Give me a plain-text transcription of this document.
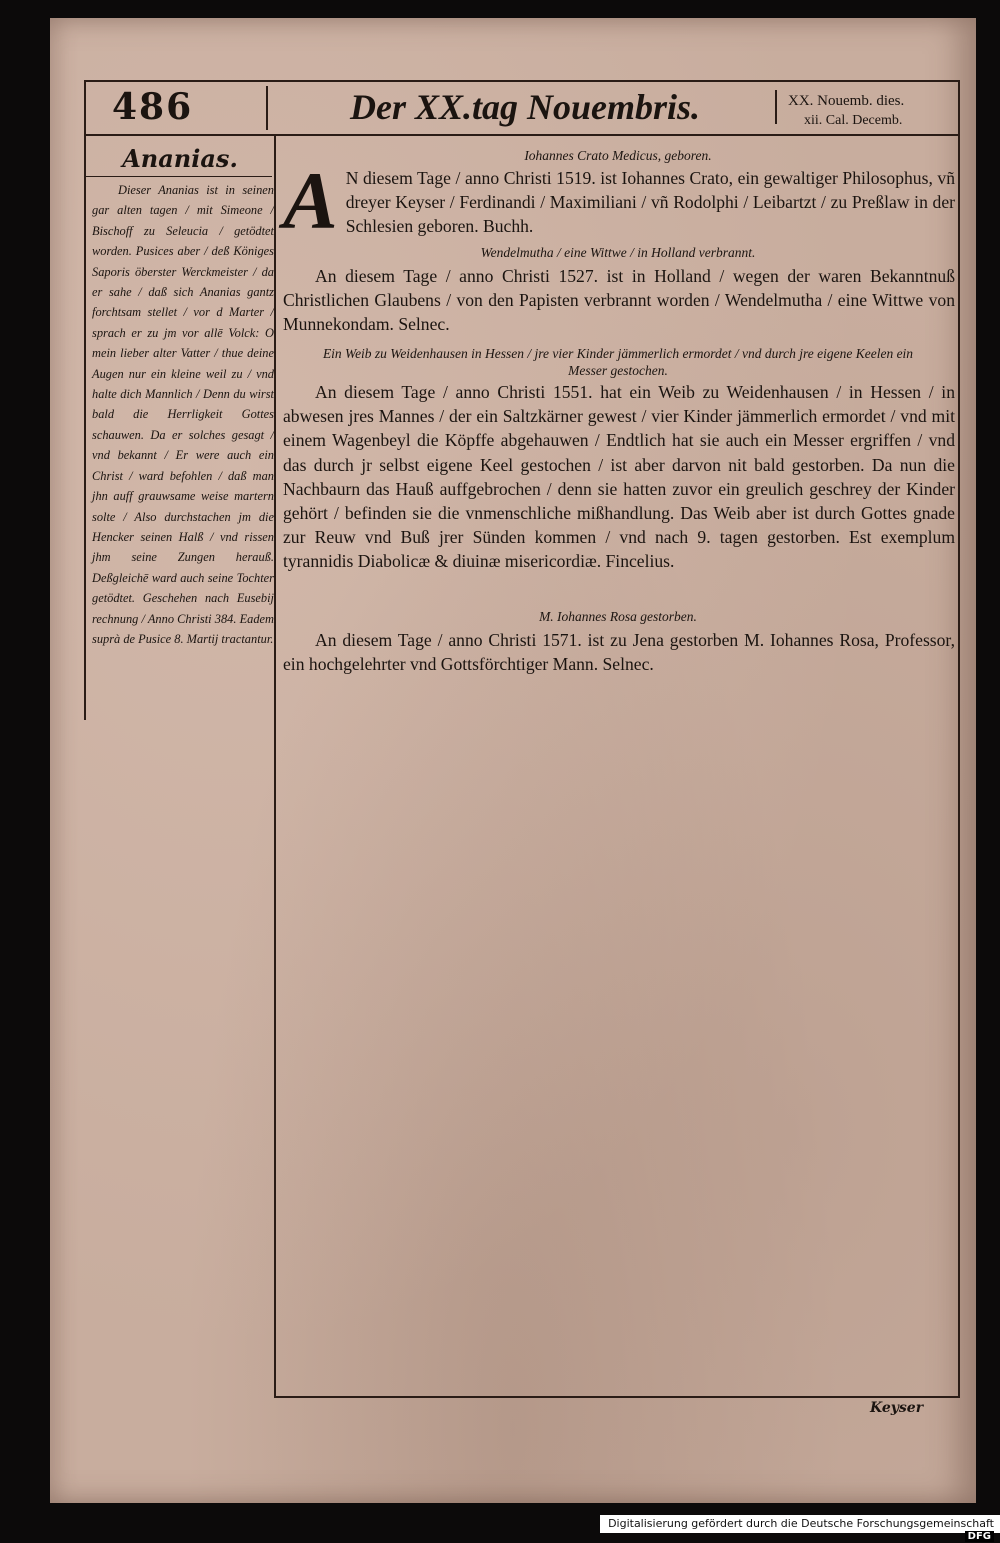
486	Der XX.tag Nouembris.	XX. Nouemb. dies.
xii. Cal. Decemb.
Ananias.
Dieser Ananias ist in seinen gar alten tagen / mit Simeone / Bischoff zu Seleucia / getödtet worden. Pusices aber / deß Königes Saporis öberster Werckmeister / da er sahe / daß sich Ananias gantz forchtsam stellet / vor d Marter / sprach er zu jm vor allē Volck: O mein lieber alter Vatter / thue deine Augen nur ein kleine weil zu / vnd halte dich Mannlich / Denn du wirst bald die Herrligkeit Gottes schauwen. Da er solches gesagt / vnd bekannt / Er were auch ein Christ / ward befohlen / daß man jhn auff grauwsame weise martern solte / Also durchstachen jm die Hencker seinen Halß / vnd rissen jhm seine Zungen herauß. Deßgleichē ward auch seine Tochter getödtet. Geschehen nach Eusebij rechnung / Anno Christi 384. Eadem suprà de Pusice 8. Martij tractantur.
Iohannes Crato Medicus, geboren.
A N diesem Tage / anno Christi 1519. ist Iohannes Crato, ein gewaltiger Philosophus, vñ dreyer Keyser / Ferdinandi / Maximiliani / vñ Rodolphi / Leibartzt / zu Preßlaw in der Schlesien geboren. Buchh.
Wendelmutha / eine Wittwe / in Holland verbrannt.
An diesem Tage / anno Christi 1527. ist in Holland / wegen der waren Bekanntnuß Christlichen Glaubens / von den Papisten verbrannt worden / Wendelmutha / eine Wittwe von Munnekondam. Selnec.
Ein Weib zu Weidenhausen in Hessen / jre vier Kinder jämmerlich ermordet / vnd durch jre eigene Keelen ein Messer gestochen.
An diesem Tage / anno Christi 1551. hat ein Weib zu Weidenhausen / in Hessen / in abwesen jres Mannes / der ein Saltzkärner gewest / vier Kinder jämmerlich ermordet / vnd mit einem Wagenbeyl die Köpffe abgehauwen / Endtlich hat sie auch ein Messer ergriffen / vnd das durch jr selbst eigene Keel gestochen / ist aber darvon nit bald gestorben. Da nun die Nachbaurn das Hauß auffgebrochen / denn sie hatten zuvor ein greulich geschrey der Kinder gehört / befinden sie die vnmenschliche mißhandlung. Das Weib aber ist durch Gottes gnade zur Reuw vnd Buß jrer Sünden kommen / vnd nach 9. tagen gestorben. Est exemplum tyrannidis Diabolicæ & diuinæ misericordiæ. Fincelius.
M. Iohannes Rosa gestorben.
An diesem Tage / anno Christi 1571. ist zu Jena gestorben M. Iohannes Rosa, Professor, ein hochgelehrter vnd Gottsförchtiger Mann. Selnec.
Keyser
Digitalisierung gefördert durch die Deutsche ForschungsgemeinschaftDFG
